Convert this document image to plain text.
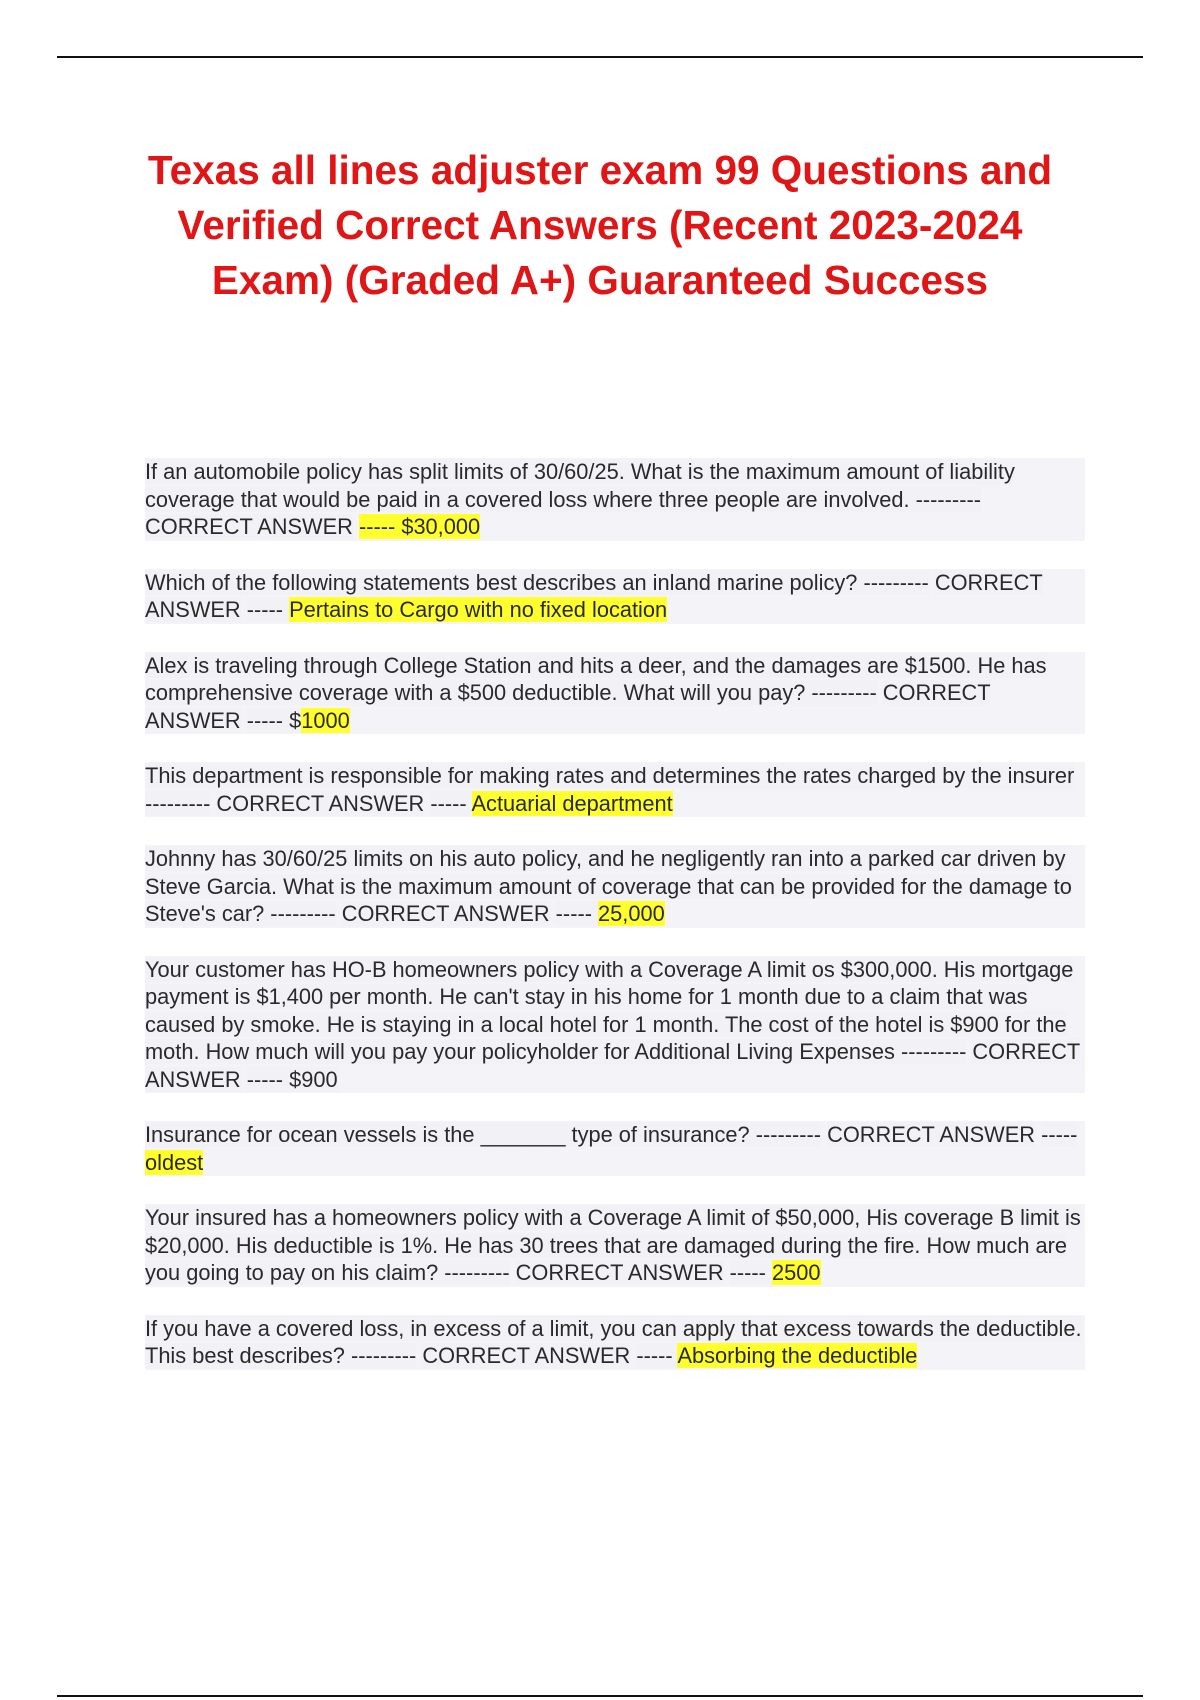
Texas all lines adjuster exam 99 Questions and Verified Correct Answers (Recent 2023-2024 Exam) (Graded A+) Guaranteed Success

If an automobile policy has split limits of 30/60/25. What is the maximum amount of liability coverage that would be paid in a covered loss where three people are involved. --------- CORRECT ANSWER ----- $30,000

Which of the following statements best describes an inland marine policy? --------- CORRECT ANSWER ----- Pertains to Cargo with no fixed location

Alex is traveling through College Station and hits a deer, and the damages are $1500. He has comprehensive coverage with a $500 deductible. What will you pay? --------- CORRECT ANSWER ----- $1000

This department is responsible for making rates and determines the rates charged by the insurer --------- CORRECT ANSWER ----- Actuarial department

Johnny has 30/60/25 limits on his auto policy, and he negligently ran into a parked car driven by Steve Garcia. What is the maximum amount of coverage that can be provided for the damage to Steve's car? --------- CORRECT ANSWER ----- 25,000

Your customer has HO-B homeowners policy with a Coverage A limit os $300,000. His mortgage payment is $1,400 per month. He can't stay in his home for 1 month due to a claim that was caused by smoke. He is staying in a local hotel for 1 month. The cost of the hotel is $900 for the moth. How much will you pay your policyholder for Additional Living Expenses --------- CORRECT ANSWER ----- $900

Insurance for ocean vessels is the _______ type of insurance? --------- CORRECT ANSWER ----- oldest

Your insured has a homeowners policy with a Coverage A limit of $50,000, His coverage B limit is $20,000. His deductible is 1%. He has 30 trees that are damaged during the fire. How much are you going to pay on his claim? --------- CORRECT ANSWER ----- 2500

If you have a covered loss, in excess of a limit, you can apply that excess towards the deductible. This best describes? --------- CORRECT ANSWER ----- Absorbing the deductible
